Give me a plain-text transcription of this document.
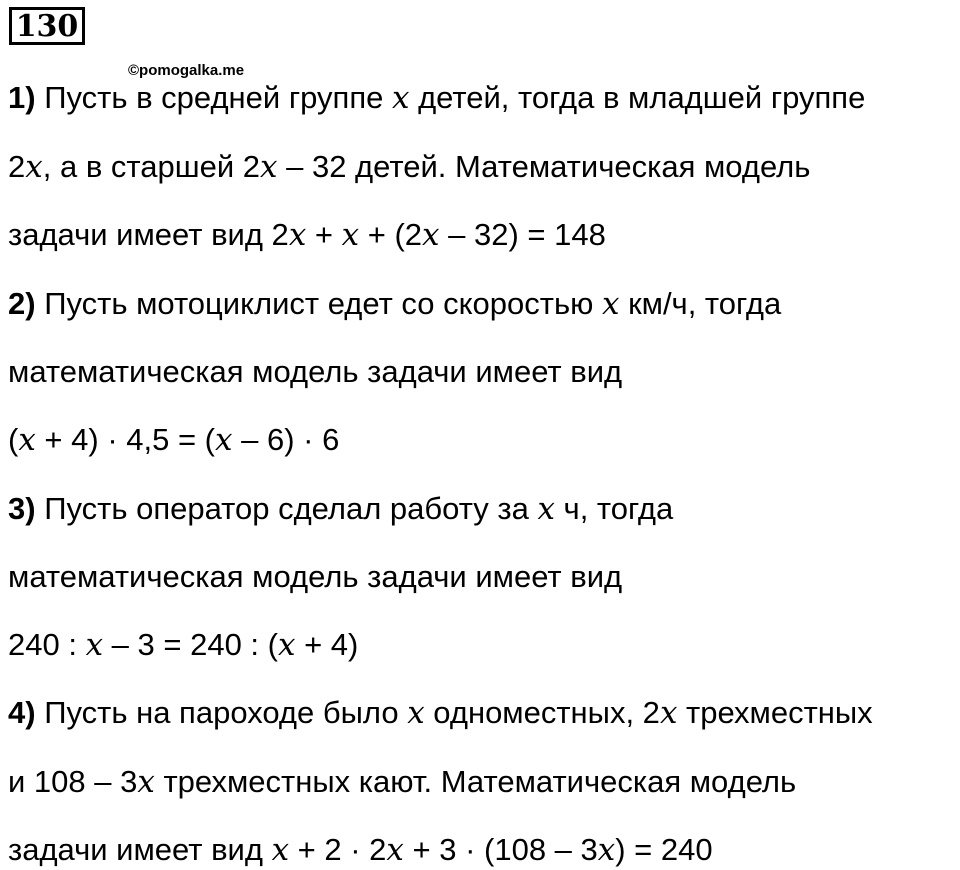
130
1) Пусть в средней группе 𝑥 детей, тогда в младшей группе
2𝑥, а в старшей 2𝑥 – 32 детей. Математическая модель
задачи имеет вид 2𝑥 + 𝑥 + (2𝑥 – 32) = 148
2) Пусть мотоциклист едет со скоростью 𝑥 км/ч, тогда
математическая модель задачи имеет вид
(𝑥 + 4) · 4,5 = (𝑥 – 6) · 6
3) Пусть оператор сделал работу за 𝑥 ч, тогда
математическая модель задачи имеет вид
240 : 𝑥 – 3 = 240 : (𝑥 + 4)
4) Пусть на пароходе было 𝑥 одноместных, 2𝑥 трехместных
и 108 – 3𝑥 трехместных кают. Математическая модель
задачи имеет вид 𝑥 + 2 · 2𝑥 + 3 · (108 – 3𝑥) = 240
©pomogalka.me
